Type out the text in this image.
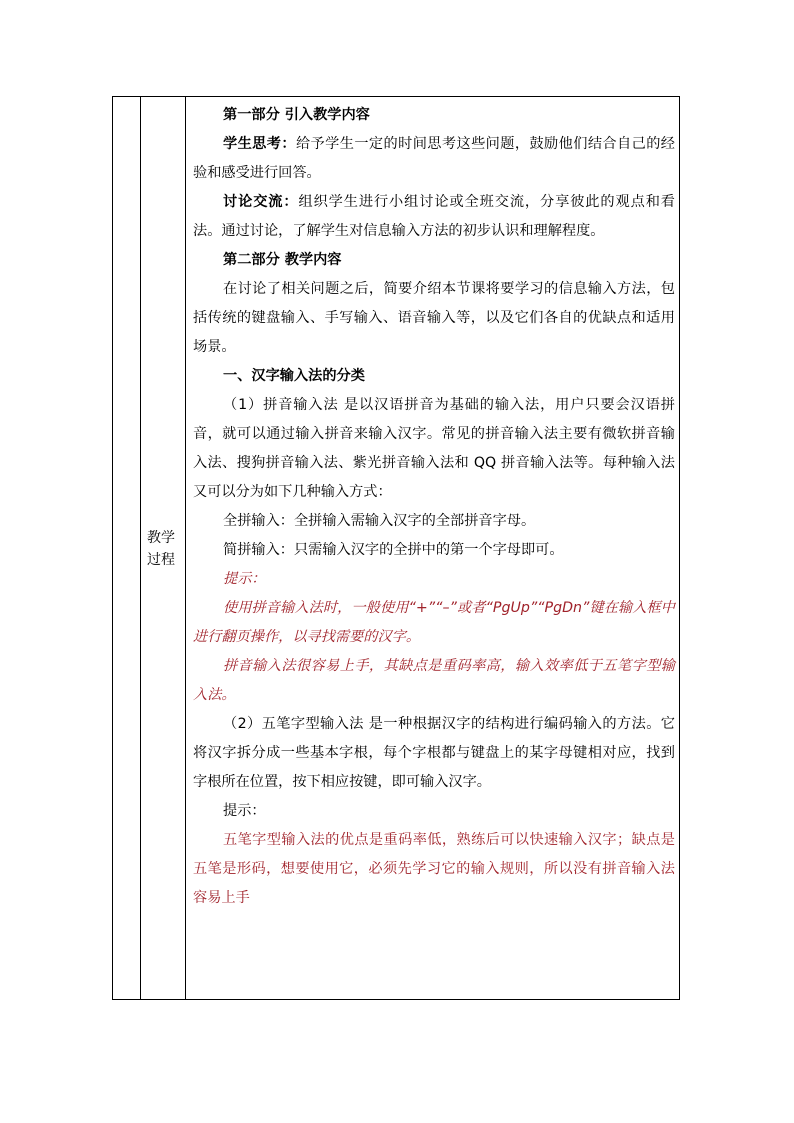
教学
过程

第一部分 引入教学内容

学生思考：给予学生一定的时间思考这些问题，鼓励他们结合自己的经验和感受进行回答。

讨论交流：组织学生进行小组讨论或全班交流，分享彼此的观点和看法。通过讨论，了解学生对信息输入方法的初步认识和理解程度。

第二部分 教学内容

在讨论了相关问题之后，简要介绍本节课将要学习的信息输入方法，包括传统的键盘输入、手写输入、语音输入等，以及它们各自的优缺点和适用场景。

一、汉字输入法的分类

（1）拼音输入法 是以汉语拼音为基础的输入法，用户只要会汉语拼音，就可以通过输入拼音来输入汉字。常见的拼音输入法主要有微软拼音输入法、搜狗拼音输入法、紫光拼音输入法和 QQ 拼音输入法等。每种输入法又可以分为如下几种输入方式：

全拼输入：全拼输入需输入汉字的全部拼音字母。

简拼输入：只需输入汉字的全拼中的第一个字母即可。

提示：

使用拼音输入法时，一般使用“+”“–”或者“PgUp”“PgDn”键在输入框中进行翻页操作，以寻找需要的汉字。

拼音输入法很容易上手，其缺点是重码率高，输入效率低于五笔字型输入法。

（2）五笔字型输入法 是一种根据汉字的结构进行编码输入的方法。它将汉字拆分成一些基本字根，每个字根都与键盘上的某字母键相对应，找到字根所在位置，按下相应按键，即可输入汉字。

提示：

五笔字型输入法的优点是重码率低，熟练后可以快速输入汉字；缺点是五笔是形码，想要使用它，必须先学习它的输入规则，所以没有拼音输入法容易上手
